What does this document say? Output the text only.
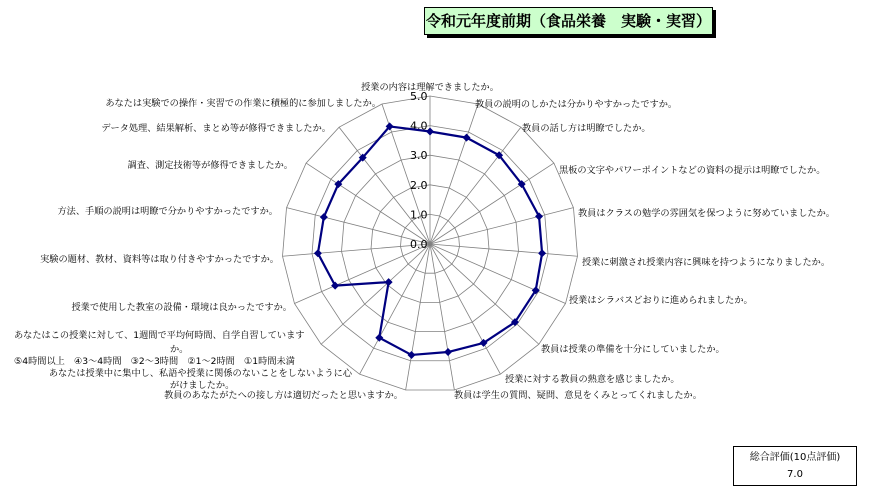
令和元年度前期（食品栄養　実験・実習）
0.0
1.0
2.0
3.0
4.0
5.0
授業の内容は理解できましたか。
教員の説明のしかたは分かりやすかったですか。
教員の話し方は明瞭でしたか。
黒板の文字やパワーポイントなどの資料の提示は明瞭でしたか。
教員はクラスの勉学の雰囲気を保つように努めていましたか。
授業に刺激され授業内容に興味を持つようになりましたか。
授業はシラバスどおりに進められましたか。
教員は授業の準備を十分にしていましたか。
授業に対する教員の熱意を感じましたか。
教員は学生の質問、疑問、意見をくみとってくれましたか。
教員のあなたがたへの接し方は適切だったと思いますか。
あなたは授業中に集中し、私語や授業に関係のないことをしないように心
がけましたか。
あなたはこの授業に対して、1週間で平均何時間、自学自習しています
か。
⑤4時間以上　④3〜4時間　③2〜3時間　②1〜2時間　①1時間未満
授業で使用した教室の設備・環境は良かったですか。
実験の題材、教材、資料等は取り付きやすかったですか。
方法、手順の説明は明瞭で分かりやすかったですか。
調査、測定技術等が修得できましたか。
データ処理、結果解析、まとめ等が修得できましたか。
あなたは実験での操作・実習での作業に積極的に参加しましたか。
総合評価(10点評価)
7.0
